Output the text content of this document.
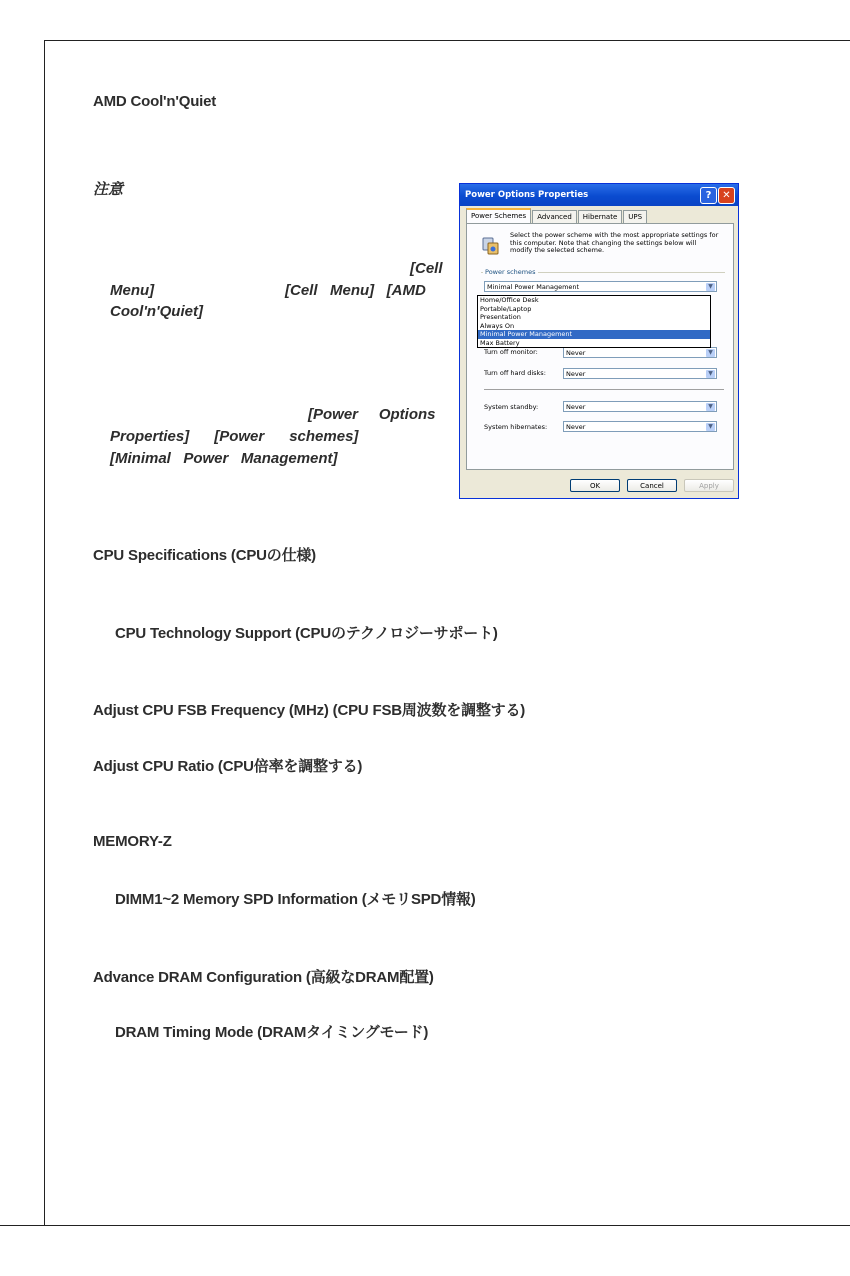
AMD Cool'n'Quiet
注意
[Cell
Menu]	[Cell   Menu]   [AMD
Cool'n'Quiet]
[Power     Options
Properties]      [Power      schemes]
[Minimal   Power   Management]
Power Options Properties	?	✕
Power Schemes	Advanced	Hibernate	UPS
Select the power scheme with the most appropriate settings for this computer. Note that changing the settings below will modify the selected scheme.
Power schemes
Minimal Power Management	▼
Turn off monitor:	Never	▼
Turn off hard disks:	Never	▼
System standby:	Never	▼
System hibernates:	Never	▼
Home/Office Desk
Portable/Laptop
Presentation
Always On
Minimal Power Management
Max Battery
OK	Cancel	Apply
CPU Specifications (CPUの仕様)
CPU Technology Support (CPUのテクノロジーサポート)
Adjust CPU FSB Frequency (MHz) (CPU FSB周波数を調整する)
Adjust CPU Ratio (CPU倍率を調整する)
MEMORY-Z
DIMM1~2 Memory SPD Information (メモリSPD情報)
Advance DRAM Configuration (高級なDRAM配置)
DRAM Timing Mode (DRAMタイミングモード)
